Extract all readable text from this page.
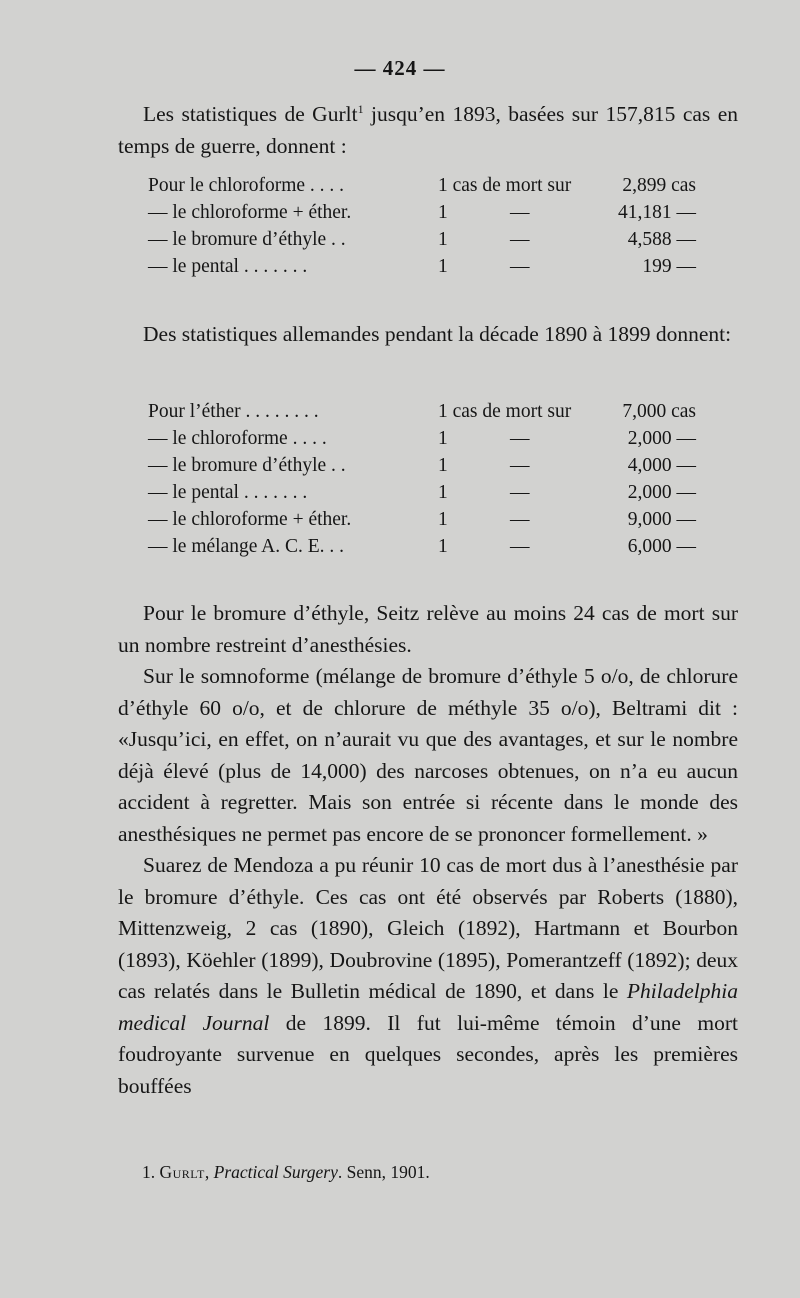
— 424 —

Les statistiques de Gurlt$^1$ jusqu’en 1893, basées sur 157,815 cas en temps de guerre, donnent :

Pour le chloroforme . . . .	1 cas de mort sur	2,899 cas
— le chloroforme + éther.	1	—	41,181 —
— le bromure d’éthyle . .	1	—	4,588 —
— le pental . . . . . . .	1	—	199 —

Des statistiques allemandes pendant la décade 1890 à 1899 donnent:

Pour l’éther . . . . . . . .	1 cas de mort sur	7,000 cas
— le chloroforme . . . .	1	—	2,000 —
— le bromure d’éthyle . .	1	—	4,000 —
— le pental . . . . . . .	1	—	2,000 —
— le chloroforme + éther.	1	—	9,000 —
— le mélange A. C. E. . .	1	—	6,000 —

Pour le bromure d’éthyle, Seitz relève au moins 24 cas de mort sur un nombre restreint d’anesthésies.

Sur le somnoforme (mélange de bromure d’éthyle 5 o/o, de chlorure d’éthyle 60 o/o, et de chlorure de méthyle 35 o/o), Beltrami dit : «Jusqu’ici, en effet, on n’aurait vu que des avantages, et sur le nombre déjà élevé (plus de 14,000) des narcoses obtenues, on n’a eu aucun accident à regretter. Mais son entrée si récente dans le monde des anesthésiques ne permet pas encore de se prononcer formellement. »

Suarez de Mendoza a pu réunir 10 cas de mort dus à l’anesthésie par le bromure d’éthyle. Ces cas ont été observés par Roberts (1880), Mittenzweig, 2 cas (1890), Gleich (1892), Hartmann et Bourbon (1893), Köehler (1899), Doubrovine (1895), Pomerantzeff (1892); deux cas relatés dans le Bulletin médical de 1890, et dans le Philadelphia medical Journal de 1899. Il fut lui-même témoin d’une mort foudroyante survenue en quelques secondes, après les premières bouffées

1. Gurlt, Practical Surgery. Senn, 1901.
